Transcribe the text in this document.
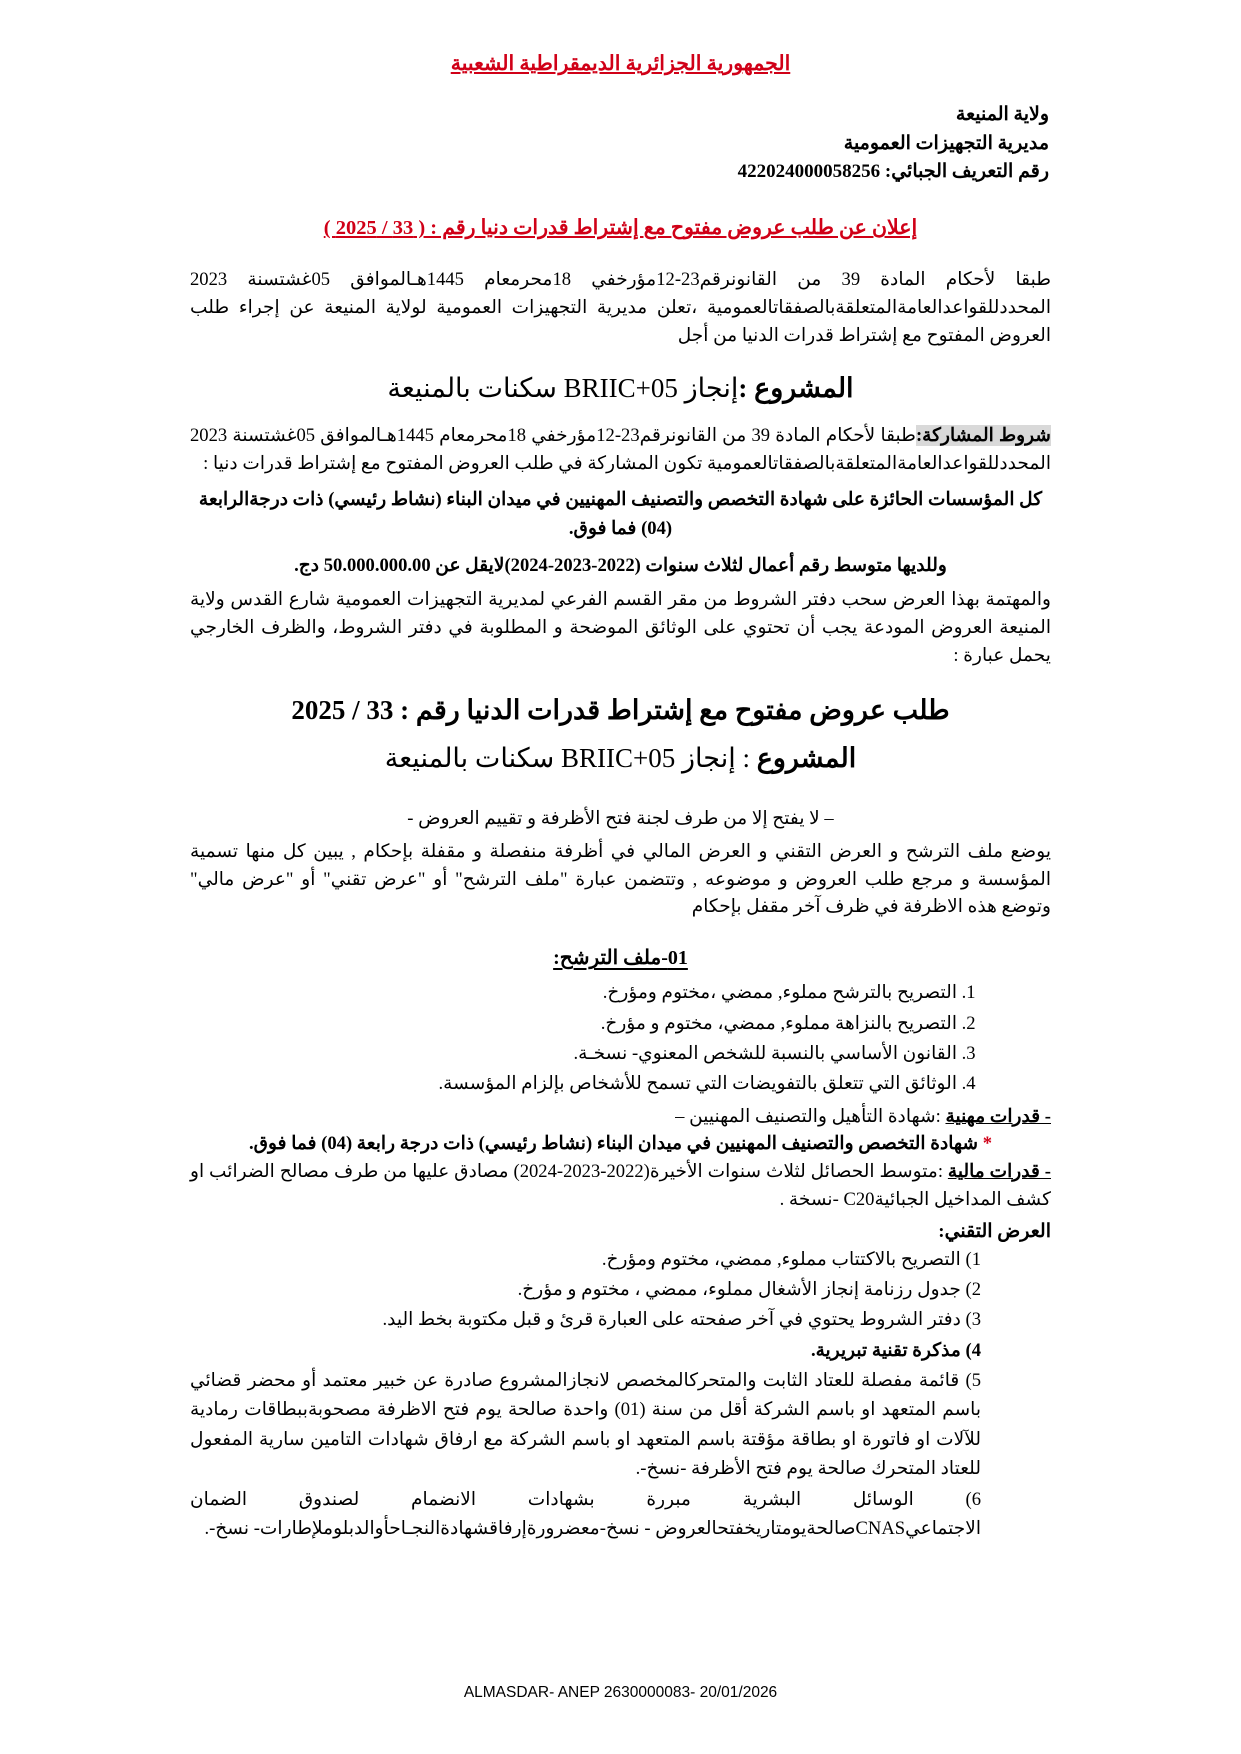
الجمهورية الجزائرية الديمقراطية الشعبية
ولاية المنيعة
مديرية التجهيزات العمومية
رقم التعريف الجبائي: 422024000058256
إعلان عن طلب عروض مفتوح مع إشتراط قدرات دنيا رقم : ( 33 / 2025 )

طبقا لأحكام المادة 39 من القانونرقم23-12مؤرخفي 18محرمعام 1445هـالموافق 05غشتسنة 2023 المحددللقواعدالعامةالمتعلقةبالصفقاتالعمومية ،تعلن مديرية التجهيزات العمومية لولاية المنيعة عن إجراء طلب العروض المفتوح مع إشتراط قدرات الدنيا من أجل

المشروع :إنجاز BRIIC+05 سكنات بالمنيعة

شروط المشاركة:طبقا لأحكام المادة 39 من القانونرقم23-12مؤرخفي 18محرمعام 1445هـالموافق 05غشتسنة 2023 المحددللقواعدالعامةالمتعلقةبالصفقاتالعمومية تكون المشاركة في طلب العروض المفتوح مع إشتراط قدرات دنيا :

كل المؤسسات الحائزة على شهادة التخصص والتصنيف المهنيين في ميدان البناء (نشاط رئيسي) ذات درجةالرابعة (04) فما فوق.
وللديها متوسط رقم أعمال لثلاث سنوات (2022-2023-2024)لايقل عن 50.000.000.00 دج.

والمهتمة بهذا العرض سحب دفتر الشروط من مقر القسم الفرعي لمديرية التجهيزات العمومية شارع القدس ولاية المنيعة العروض المودعة يجب أن تحتوي على الوثائق الموضحة و المطلوبة في دفتر الشروط، والظرف الخارجي يحمل عبارة :

طلب عروض مفتوح مع إشتراط قدرات الدنيا رقم : 33 / 2025
المشروع : إنجاز BRIIC+05 سكنات بالمنيعة
– لا يفتح إلا من طرف لجنة فتح الأظرفة و تقييم العروض -

يوضع ملف الترشح و العرض التقني و العرض المالي في أظرفة منفصلة و مقفلة بإحكام , يبين كل منها تسمية المؤسسة و مرجع طلب العروض و موضوعه , وتتضمن عبارة "ملف الترشح" أو "عرض تقني" أو "عرض مالي" وتوضع هذه الاظرفة في ظرف آخر مقفل بإحكام

01-ملف الترشح:
1. التصريح بالترشح مملوء, ممضي ،مختوم ومؤرخ.
2. التصريح بالنزاهة مملوء, ممضي، مختوم و مؤرخ.
3. القانون الأساسي بالنسبة للشخص المعنوي- نسخـة.
4. الوثائق التي تتعلق بالتفويضات التي تسمح للأشخاص بإلزام المؤسسة.
- قدرات مهنية :شهادة التأهيل والتصنيف المهنيين –
* شهادة التخصص والتصنيف المهنيين في ميدان البناء (نشاط رئيسي) ذات درجة رابعة (04) فما فوق.
- قدرات مالية :متوسط الحصائل لثلاث سنوات الأخيرة(2022-2023-2024) مصادق عليها من طرف مصالح الضرائب او كشف المداخيل الجبائيةC20 -نسخة .
العرض التقني:
التصريح بالاكتتاب مملوء, ممضي، مختوم ومؤرخ.
جدول رزنامة إنجاز الأشغال مملوء، ممضي ، مختوم و مؤرخ.
دفتر الشروط يحتوي في آخر صفحته على العبارة قرئ و قبل مكتوبة بخط اليد.
مذكرة تقنية تبريرية.
قائمة مفصلة للعتاد الثابت والمتحركالمخصص لانجازالمشروع صادرة عن خبير معتمد أو محضر قضائي باسم المتعهد او باسم الشركة أقل من سنة (01) واحدة صالحة يوم فتح الاظرفة مصحوبةببطاقات رمادية للآلات او فاتورة او بطاقة مؤقتة باسم المتعهد او باسم الشركة مع ارفاق شهادات التامين سارية المفعول للعتاد المتحرك صالحة يوم فتح الأظرفة -نسخ-.
الوسائل البشرية مبررة بشهادات الانضمام لصندوق الضمان الاجتماعيCNASصالحةيومتاريخفتحالعروض - نسخ-معضرورةإرفاقشهادةالنجـاحأوالدبلوملإطارات- نسخ-.
ALMASDAR- ANEP 2630000083- 20/01/2026
